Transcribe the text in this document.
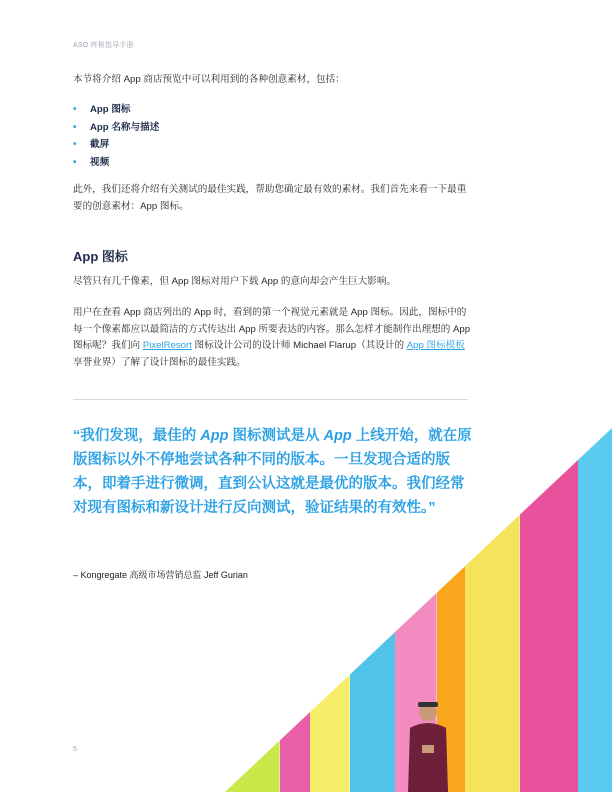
ASO 终极指导手册
本节将介绍 App 商店预览中可以利用到的各种创意素材，包括：
• App 图标
• App 名称与描述
• 截屏
• 视频

此外，我们还将介绍有关测试的最佳实践，帮助您确定最有效的素材。我们首先来看一下最重要的创意素材：App 图标。

App 图标

尽管只有几千像素，但 App 图标对用户下载 App 的意向却会产生巨大影响。

用户在查看 App 商店列出的 App 时，看到的第一个视觉元素就是 App 图标。因此，图标中的每一个像素都应以最简洁的方式传达出 App 所要表达的内容。那么怎样才能制作出理想的 App 图标呢？我们向 PixelResort 图标设计公司的设计师 Michael Flarup（其设计的 App 图标模板享誉业界）了解了设计图标的最佳实践。

“我们发现，最佳的 App 图标测试是从 App 上线开始，就在原版图标以外不停地尝试各种不同的版本。一旦发现合适的版本，即着手进行微调，直到公认这就是最优的版本。我们经常对现有图标和新设计进行反向测试，验证结果的有效性。”

– Kongregate 高级市场营销总监 Jeff Gurian
5
